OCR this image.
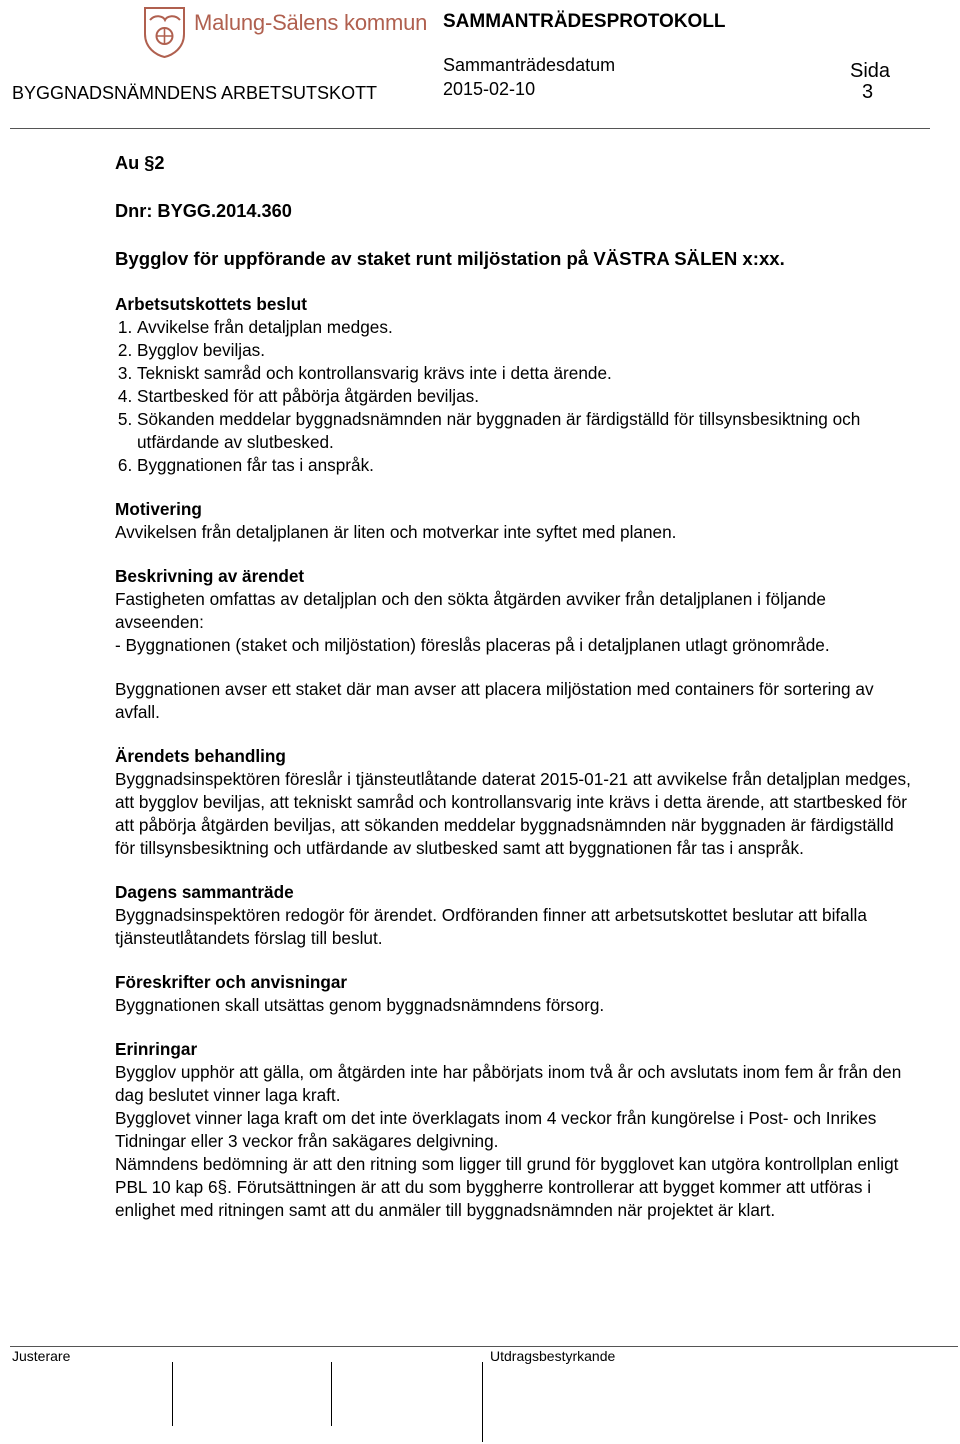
Malung-Sälens kommun SAMMANTRÄDESPROTOKOLL
Sammanträdesdatum
BYGGNADSNÄMNDENS ARBETSUTSKOTT	2015-02-10
Sida
3

Au §2

Dnr: BYGG.2014.360

Bygglov för uppförande av staket runt miljöstation på VÄSTRA SÄLEN x:xx.

Arbetsutskottets beslut

1. Avvikelse från detaljplan medges.
2. Bygglov beviljas.
3. Tekniskt samråd och kontrollansvarig krävs inte i detta ärende.
4. Startbesked för att påbörja åtgärden beviljas.
5. Sökanden meddelar byggnadsnämnden när byggnaden är färdigställd för tillsynsbesiktning och utfärdande av slutbesked.
6. Byggnationen får tas i anspråk.

Motivering

Avvikelsen från detaljplanen är liten och motverkar inte syftet med planen.

Beskrivning av ärendet

Fastigheten omfattas av detaljplan och den sökta åtgärden avviker från detaljplanen i följande avseenden:

- Byggnationen (staket och miljöstation) föreslås placeras på i detaljplanen utlagt grönområde.

Byggnationen avser ett staket där man avser att placera miljöstation med containers för sortering av avfall.

Ärendets behandling

Byggnadsinspektören föreslår i tjänsteutlåtande daterat 2015-01-21 att avvikelse från detaljplan medges, att bygglov beviljas, att tekniskt samråd och kontrollansvarig inte krävs i detta ärende, att startbesked för att påbörja åtgärden beviljas, att sökanden meddelar byggnadsnämnden när byggnaden är färdigställd för tillsynsbesiktning och utfärdande av slutbesked samt att byggnationen får tas i anspråk.

Dagens sammanträde

Byggnadsinspektören redogör för ärendet. Ordföranden finner att arbetsutskottet beslutar att bifalla tjänsteutlåtandets förslag till beslut.

Föreskrifter och anvisningar

Byggnationen skall utsättas genom byggnadsnämndens försorg.

Erinringar

Bygglov upphör att gälla, om åtgärden inte har påbörjats inom två år och avslutats inom fem år från den dag beslutet vinner laga kraft.

Bygglovet vinner laga kraft om det inte överklagats inom 4 veckor från kungörelse i Post- och Inrikes Tidningar eller 3 veckor från sakägares delgivning.

Nämndens bedömning är att den ritning som ligger till grund för bygglovet kan utgöra kontrollplan enligt PBL 10 kap 6§. Förutsättningen är att du som byggherre kontrollerar att bygget kommer att utföras i enlighet med ritningen samt att du anmäler till byggnadsnämnden när projektet är klart.

Justerare	Utdragsbestyrkande
